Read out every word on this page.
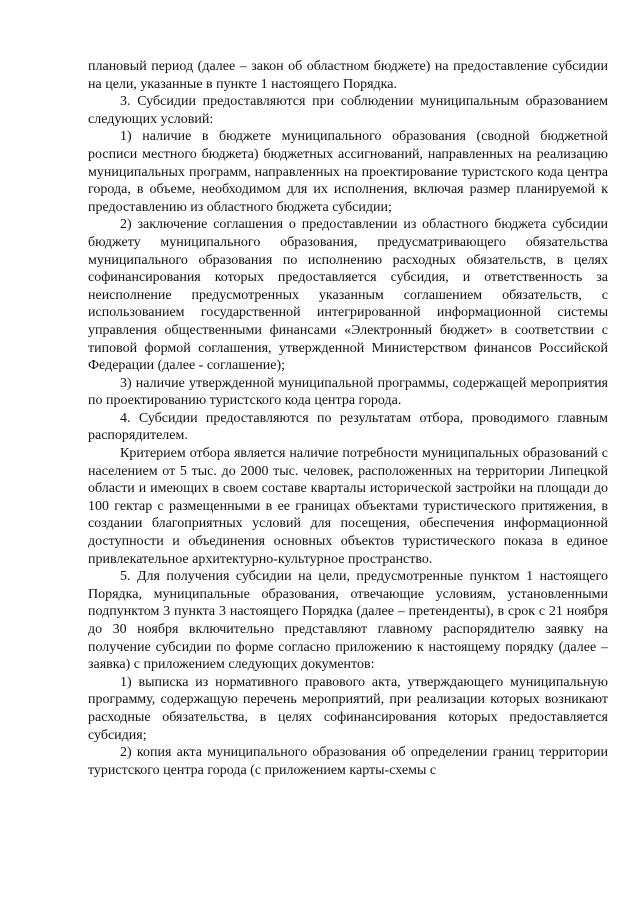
плановый период (далее – закон об областном бюджете) на предоставление субсидии на цели, указанные в пункте 1 настоящего Порядка.

3. Субсидии предоставляются при соблюдении муниципальным образованием следующих условий:

1) наличие в бюджете муниципального образования (сводной бюджетной росписи местного бюджета) бюджетных ассигнований, направленных на реализацию муниципальных программ, направленных на проектирование туристского кода центра города, в объеме, необходимом для их исполнения, включая размер планируемой к предоставлению из областного бюджета субсидии;

2) заключение соглашения о предоставлении из областного бюджета субсидии бюджету муниципального образования, предусматривающего обязательства муниципального образования по исполнению расходных обязательств, в целях софинансирования которых предоставляется субсидия, и ответственность за неисполнение предусмотренных указанным соглашением обязательств, с использованием государственной интегрированной информационной системы управления общественными финансами «Электронный бюджет» в соответствии с типовой формой соглашения, утвержденной Министерством финансов Российской Федерации (далее - соглашение);

3) наличие утвержденной муниципальной программы, содержащей мероприятия по проектированию туристского кода центра города.

4. Субсидии предоставляются по результатам отбора, проводимого главным распорядителем.

Критерием отбора является наличие потребности муниципальных образований с населением от 5 тыс. до 2000 тыс. человек, расположенных на территории Липецкой области и имеющих в своем составе кварталы исторической застройки на площади до 100 гектар с размещенными в ее границах объектами туристического притяжения, в создании благоприятных условий для посещения, обеспечения информационной доступности и объединения основных объектов туристического показа в единое привлекательное архитектурно-культурное пространство.

5. Для получения субсидии на цели, предусмотренные пунктом 1 настоящего Порядка, муниципальные образования, отвечающие условиям, установленными подпунктом 3 пункта 3 настоящего Порядка (далее – претенденты), в срок с 21 ноября до 30 ноября включительно представляют главному распорядителю заявку на получение субсидии по форме согласно приложению к настоящему порядку (далее – заявка) с приложением следующих документов:

1) выписка из нормативного правового акта, утверждающего муниципальную программу, содержащую перечень мероприятий, при реализации которых возникают расходные обязательства, в целях софинансирования которых предоставляется субсидия;

2) копия акта муниципального образования об определении границ территории туристского центра города (с приложением карты-схемы с
